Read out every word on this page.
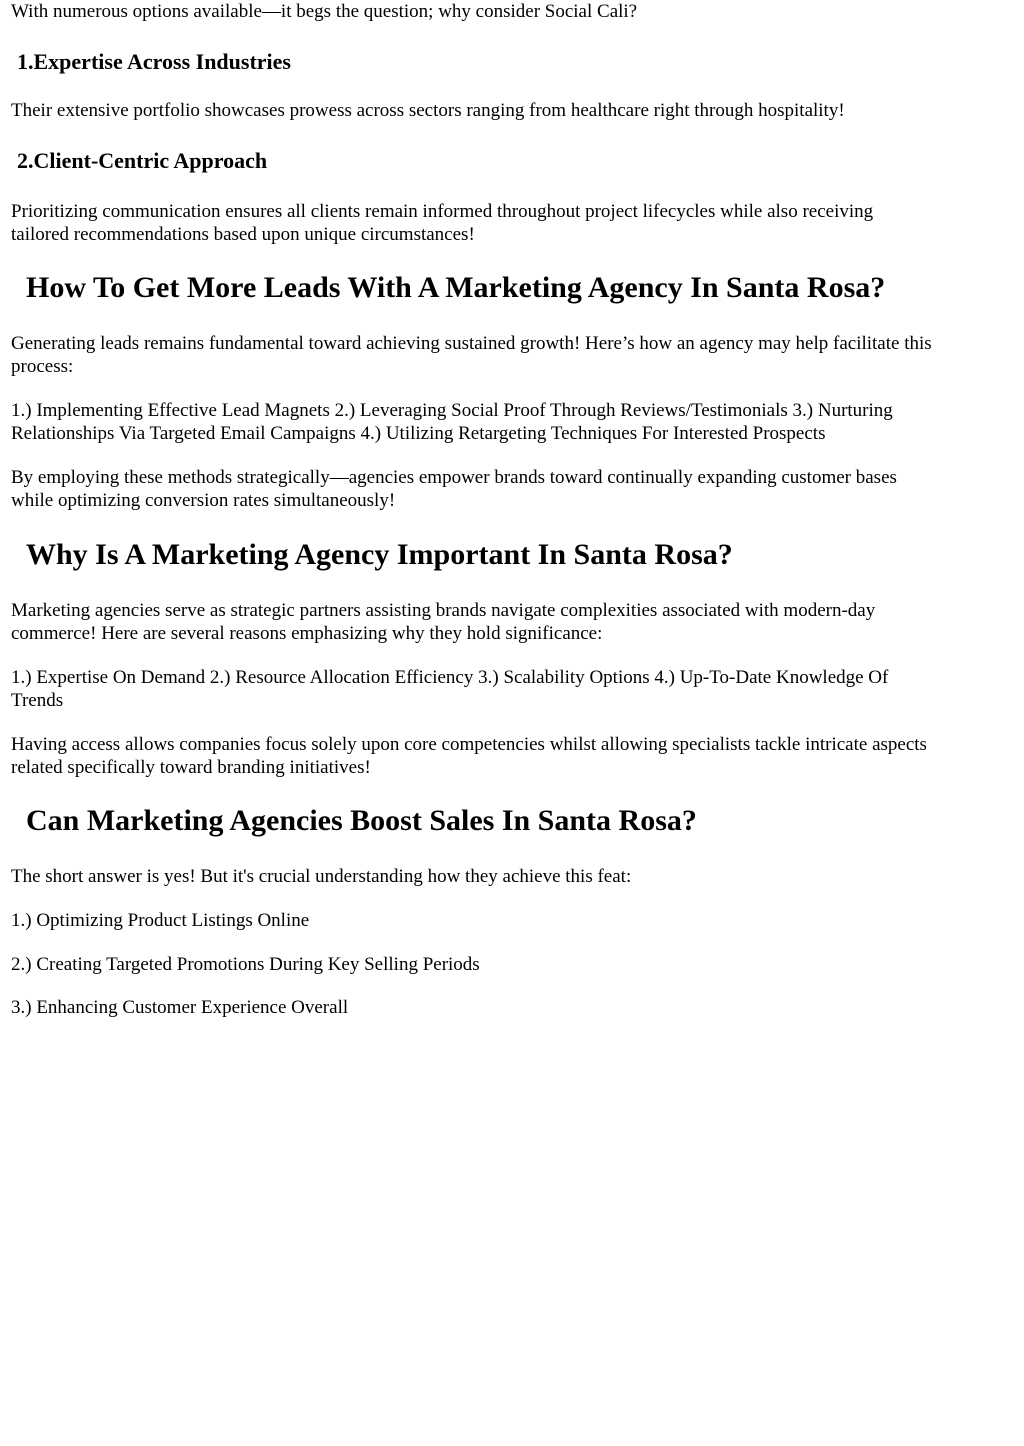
With numerous options available—it begs the question; why consider Social Cali?

1.Expertise Across Industries

Their extensive portfolio showcases prowess across sectors ranging from healthcare right through hospitality!

2.Client-Centric Approach

Prioritizing communication ensures all clients remain informed throughout project lifecycles while also receiving

tailored recommendations based upon unique circumstances!

How To Get More Leads With A Marketing Agency In Santa Rosa?

Generating leads remains fundamental toward achieving sustained growth! Here’s how an agency may help facilitate this

process:

1.) Implementing Effective Lead Magnets 2.) Leveraging Social Proof Through Reviews/Testimonials 3.) Nurturing

Relationships Via Targeted Email Campaigns 4.) Utilizing Retargeting Techniques For Interested Prospects

By employing these methods strategically—agencies empower brands toward continually expanding customer bases

while optimizing conversion rates simultaneously!

Why Is A Marketing Agency Important In Santa Rosa?

Marketing agencies serve as strategic partners assisting brands navigate complexities associated with modern-day

commerce! Here are several reasons emphasizing why they hold significance:

1.) Expertise On Demand 2.) Resource Allocation Efficiency 3.) Scalability Options 4.) Up-To-Date Knowledge Of

Trends

Having access allows companies focus solely upon core competencies whilst allowing specialists tackle intricate aspects

related specifically toward branding initiatives!

Can Marketing Agencies Boost Sales In Santa Rosa?

The short answer is yes! But it's crucial understanding how they achieve this feat:

1.) Optimizing Product Listings Online

2.) Creating Targeted Promotions During Key Selling Periods

3.) Enhancing Customer Experience Overall
